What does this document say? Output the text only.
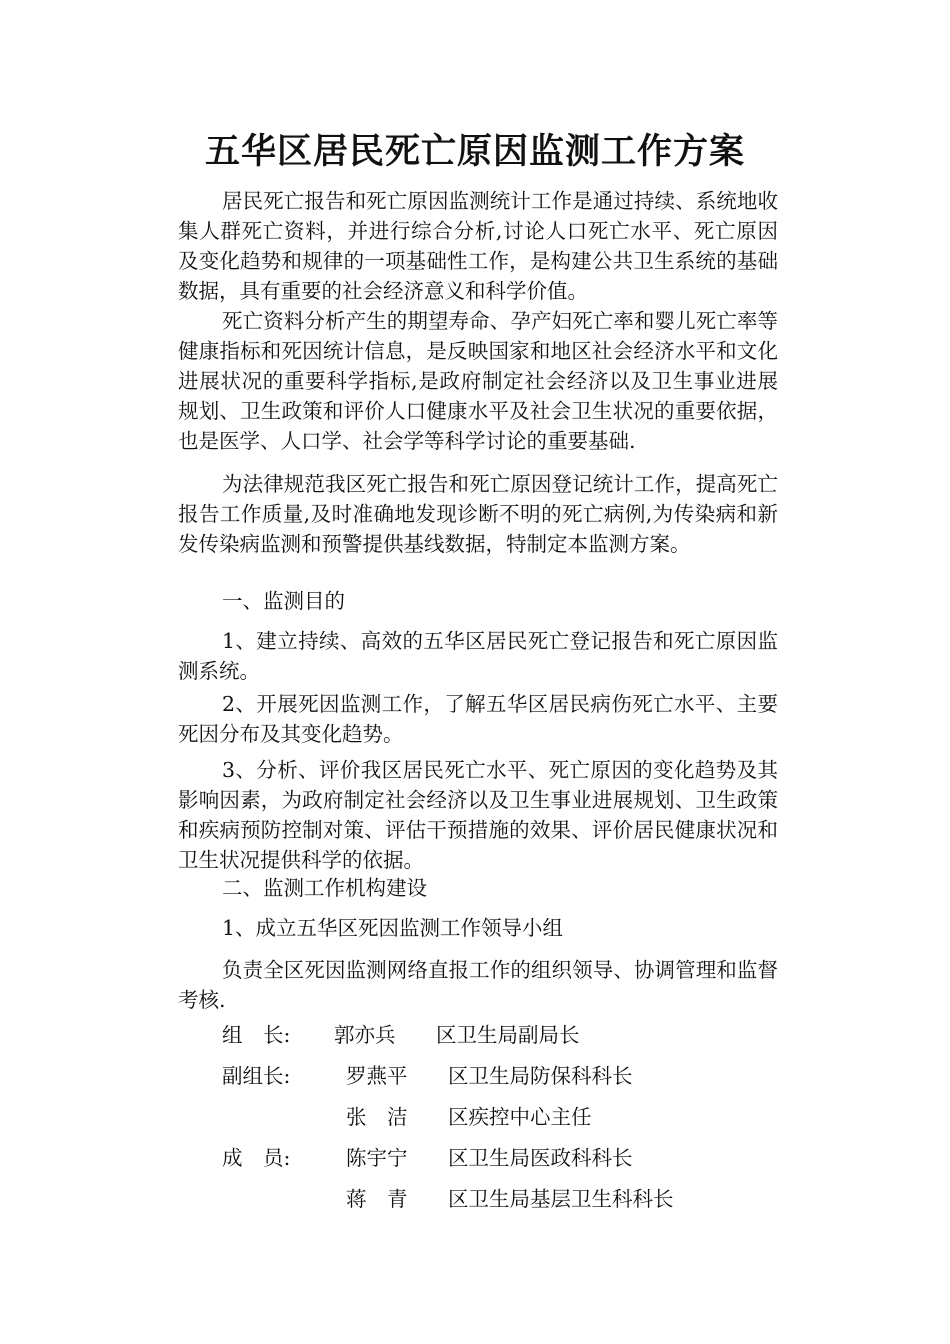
五华区居民死亡原因监测工作方案

居民死亡报告和死亡原因监测统计工作是通过持续、系统地收集人群死亡资料，并进行综合分析,讨论人口死亡水平、死亡原因及变化趋势和规律的一项基础性工作，是构建公共卫生系统的基础数据，具有重要的社会经济意义和科学价值。

死亡资料分析产生的期望寿命、孕产妇死亡率和婴儿死亡率等健康指标和死因统计信息，是反映国家和地区社会经济水平和文化进展状况的重要科学指标,是政府制定社会经济以及卫生事业进展规划、卫生政策和评价人口健康水平及社会卫生状况的重要依据，也是医学、人口学、社会学等科学讨论的重要基础.

为法律规范我区死亡报告和死亡原因登记统计工作，提高死亡报告工作质量,及时准确地发现诊断不明的死亡病例,为传染病和新发传染病监测和预警提供基线数据，特制定本监测方案。

一、监测目的

1、建立持续、高效的五华区居民死亡登记报告和死亡原因监测系统。

2、开展死因监测工作，了解五华区居民病伤死亡水平、主要死因分布及其变化趋势。

3、分析、评价我区居民死亡水平、死亡原因的变化趋势及其影响因素，为政府制定社会经济以及卫生事业进展规划、卫生政策和疾病预防控制对策、评估干预措施的效果、评价居民健康状况和卫生状况提供科学的依据。

二、监测工作机构建设

1、成立五华区死因监测工作领导小组

负责全区死因监测网络直报工作的组织领导、协调管理和监督考核.

组　长: 郭亦兵 区卫生局副局长
副组长:	罗燕平 区卫生局防保科科长
张　洁 区疾控中心主任
成　员:	陈宇宁 区卫生局医政科科长
蒋　青 区卫生局基层卫生科科长
